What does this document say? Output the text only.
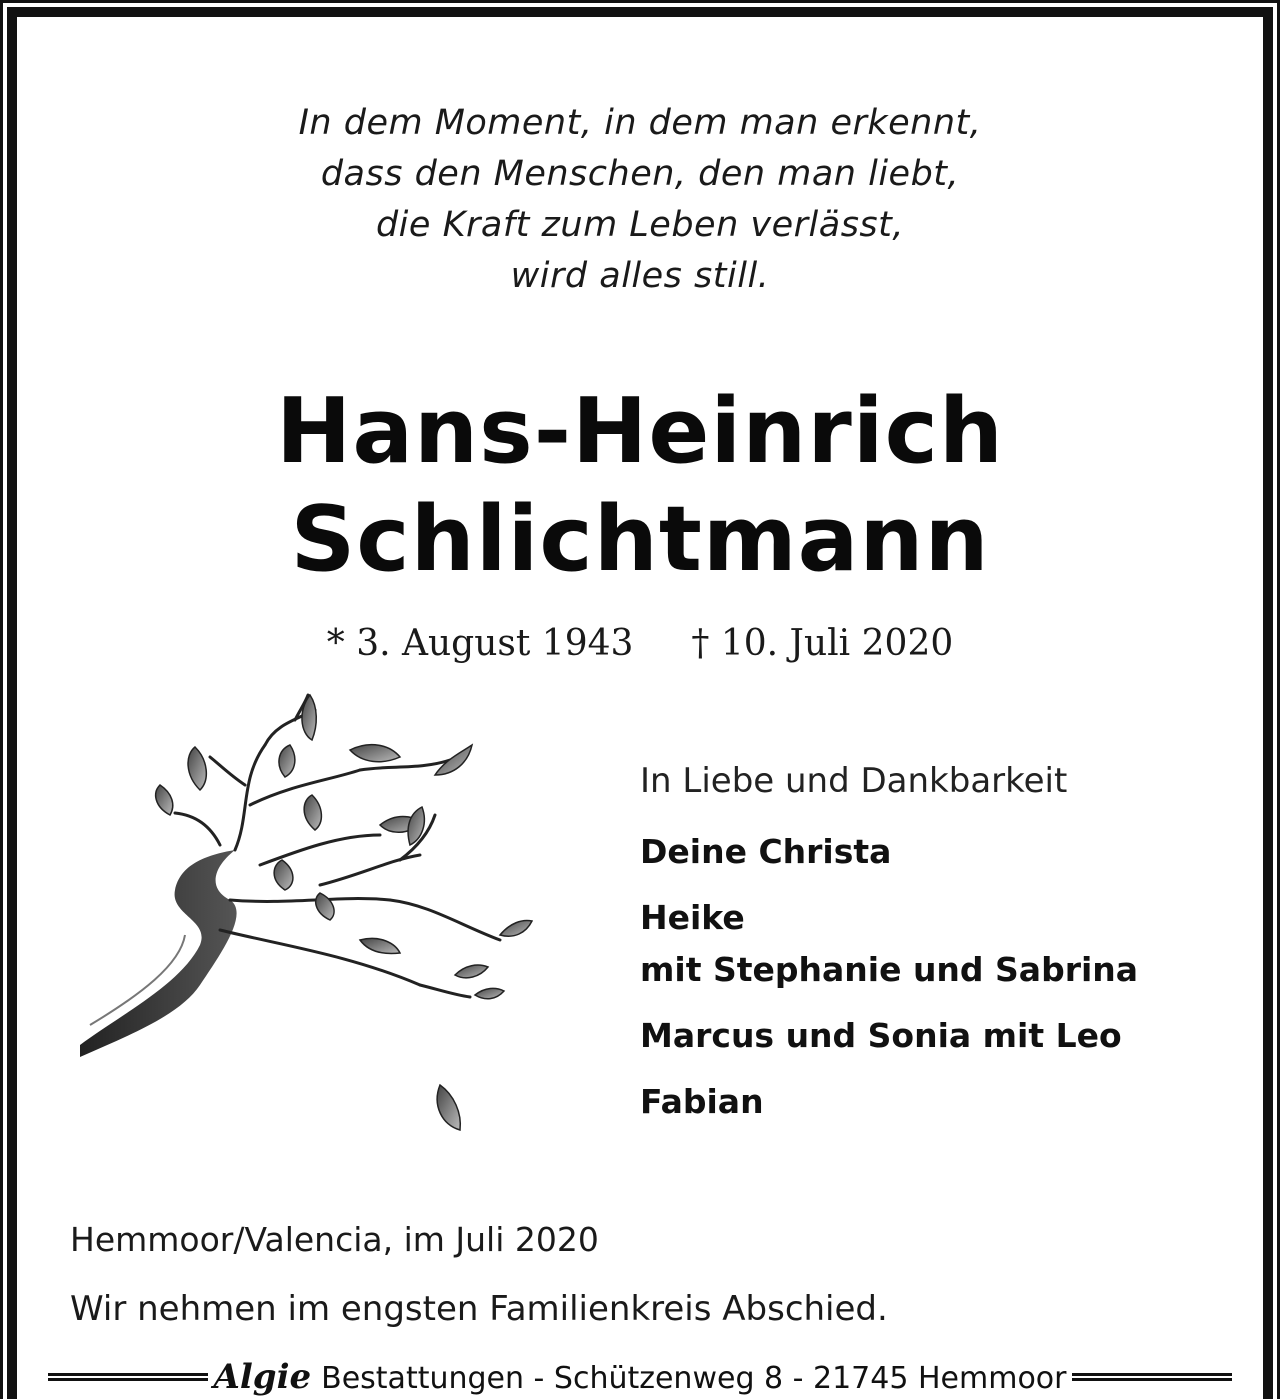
In dem Moment, in dem man erkennt,
dass den Menschen, den man liebt,
die Kraft zum Leben verlässt,
wird alles still.
Hans-Heinrich
Schlichtmann
* 3. August 1943 † 10. Juli 2020
In Liebe und Dankbarkeit
Deine Christa
Heike
mit Stephanie und Sabrina
Marcus und Sonia mit Leo
Fabian
Hemmoor/Valencia, im Juli 2020
Wir nehmen im engsten Familienkreis Abschied.
Algie Bestattungen - Schützenweg 8 - 21745 Hemmoor
